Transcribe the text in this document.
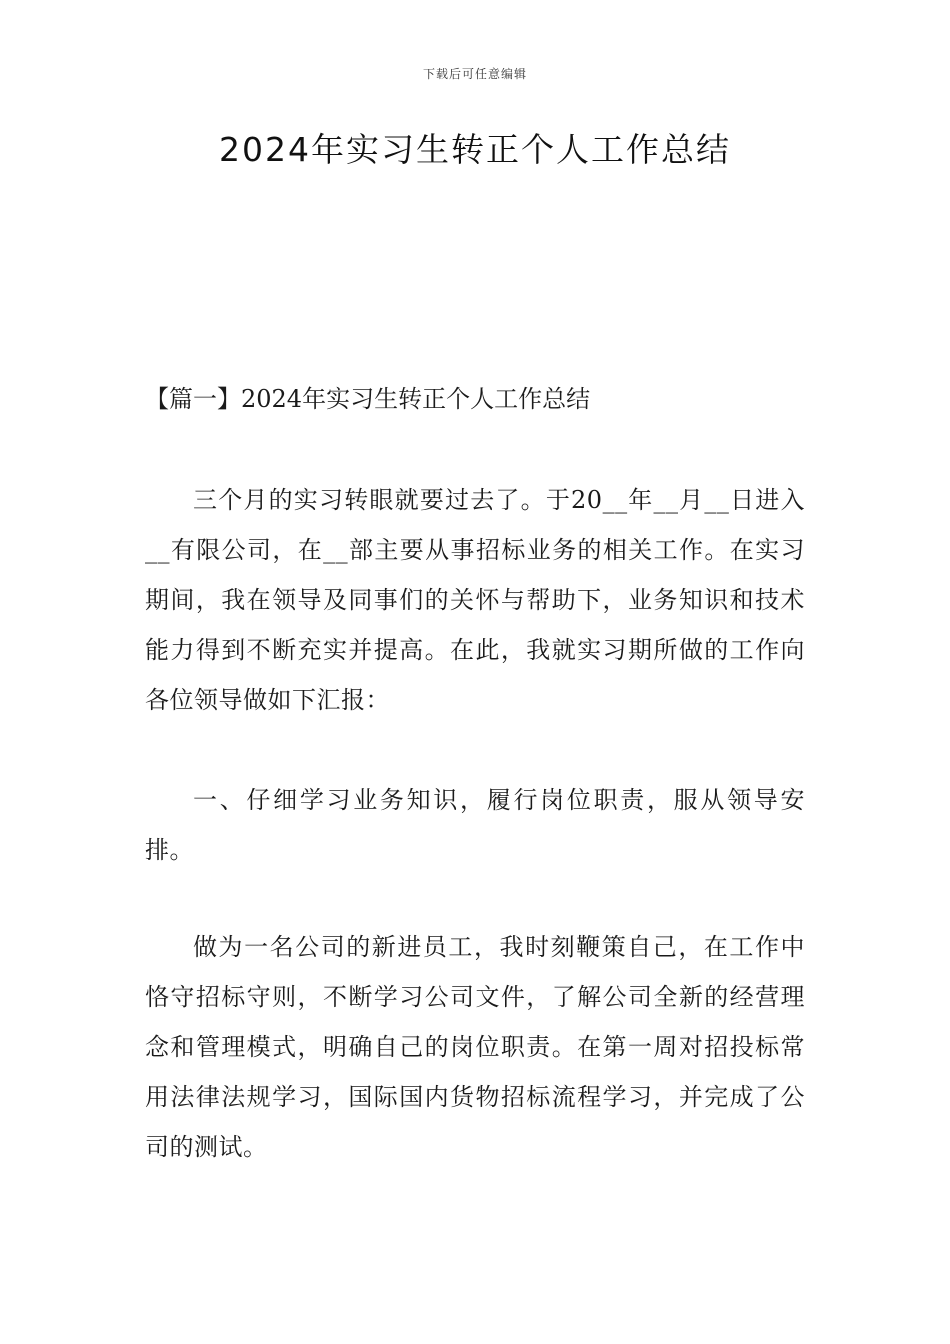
下载后可任意编辑
2024年实习生转正个人工作总结
【篇一】2024年实习生转正个人工作总结

三个月的实习转眼就要过去了。于20__年__月__日进入__有限公司，在__部主要从事招标业务的相关工作。在实习期间，我在领导及同事们的关怀与帮助下，业务知识和技术能力得到不断充实并提高。在此，我就实习期所做的工作向各位领导做如下汇报：

一、仔细学习业务知识，履行岗位职责，服从领导安排。

做为一名公司的新进员工，我时刻鞭策自己，在工作中恪守招标守则，不断学习公司文件，了解公司全新的经营理念和管理模式，明确自己的岗位职责。在第一周对招投标常用法律法规学习，国际国内货物招标流程学习，并完成了公司的测试。
